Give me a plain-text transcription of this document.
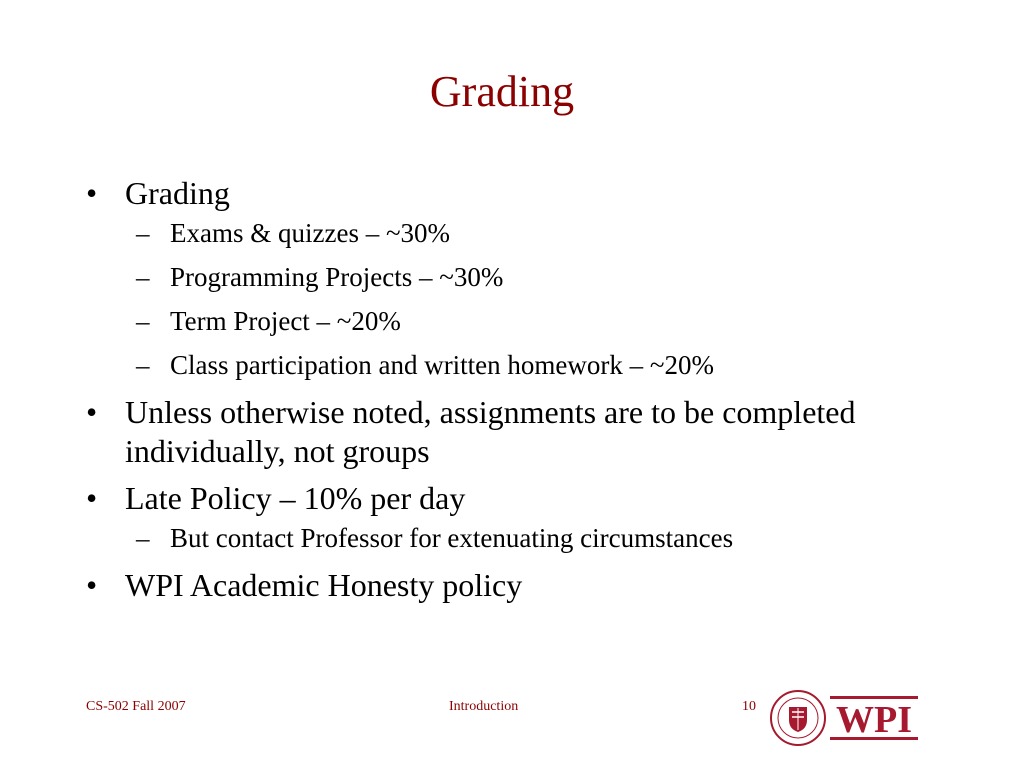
Grading
• Grading
– Exams & quizzes – ~30%
– Programming Projects – ~30%
– Term Project – ~20%
– Class participation and written homework – ~20%
• Unless otherwise noted, assignments are to be completed individually, not groups
• Late Policy – 10% per day
– But contact Professor for extenuating circumstances
• WPI Academic Honesty policy
CS-502 Fall 2007	Introduction	10 WPI
